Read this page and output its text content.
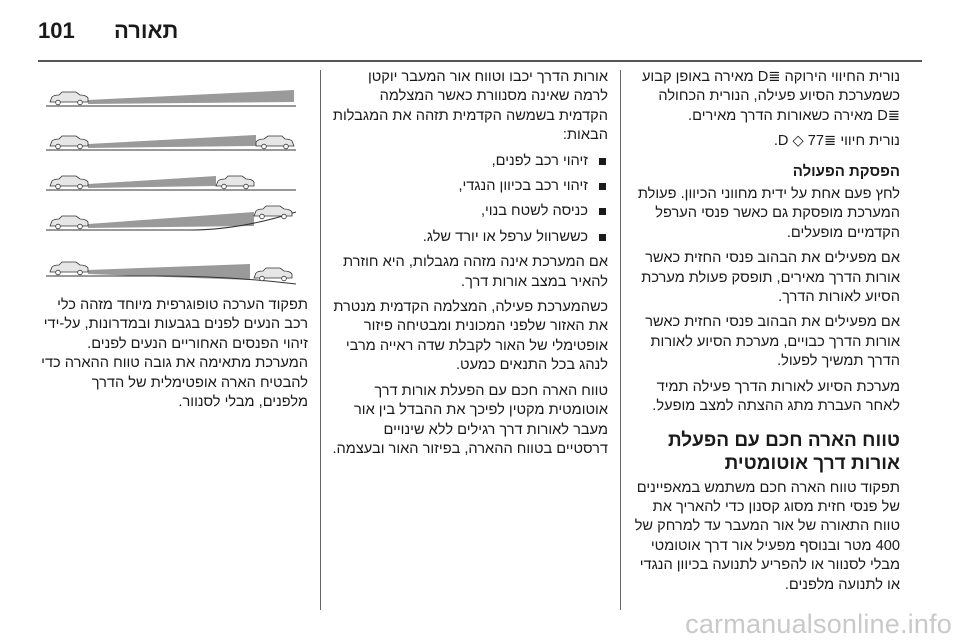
101 תאורה

נורית החיווי הירוקה ≣D מאירה באופן קבוע כשמערכת הסיוע פעילה, הנורית הכחולה ≣D מאירה כשאורות הדרך מאירים.

נורית חיווי ≣D ◇ 77.

הפסקת הפעולה

לחץ פעם אחת על ידית מחווני הכיוון. פעולת המערכת מופסקת גם כאשר פנסי הערפל הקדמיים מופעלים.

אם מפעילים את הבהוב פנסי החזית כאשר אורות הדרך מאירים, תופסק פעולת מערכת הסיוע לאורות הדרך.

אם מפעילים את הבהוב פנסי החזית כאשר אורות הדרך כבויים, מערכת הסיוע לאורות הדרך תמשיך לפעול.

מערכת הסיוע לאורות הדרך פעילה תמיד לאחר העברת מתג ההצתה למצב מופעל.

טווח הארה חכם עם הפעלת אורות דרך אוטומטית

תפקוד טווח הארה חכם משתמש במאפיינים של פנסי חזית מסוג קסנון כדי להאריך את טווח התאורה של אור המעבר עד למרחק של 400 מטר ובנוסף מפעיל אור דרך אוטומטי מבלי לסנוור או להפריע לתנועה בכיוון הנגדי או לתנועה מלפנים.

אורות הדרך יכבו וטווח אור המעבר יוקטן לרמה שאינה מסנוורת כאשר המצלמה הקדמית בשמשה הקדמית תזהה את המגבלות הבאות:

זיהוי רכב לפנים,
זיהוי רכב בכיוון הנגדי,
כניסה לשטח בנוי,
כששרוול ערפל או יורד שלג.

אם המערכת אינה מזהה מגבלות, היא חוזרת להאיר במצב אורות דרך.

כשהמערכת פעילה, המצלמה הקדמית מנטרת את האזור שלפני המכונית ומבטיחה פיזור אופטימלי של האור לקבלת שדה ראייה מרבי לנהג בכל התנאים כמעט.

טווח הארה חכם עם הפעלת אורות דרך אוטומטית מקטין לפיכך את ההבדל בין אור מעבר לאורות דרך רגילים ללא שינויים דרסטיים בטווח ההארה, בפיזור האור ובעצמה.

תפקוד הערכה טופוגרפית מיוחד מזהה כלי רכב הנעים לפנים בגבעות ובמדרונות, על-ידי זיהוי הפנסים האחוריים הנעים לפנים. המערכת מתאימה את גובה טווח ההארה כדי להבטיח הארה אופטימלית של הדרך מלפנים, מבלי לסנוור.

carmanualsonline.info
